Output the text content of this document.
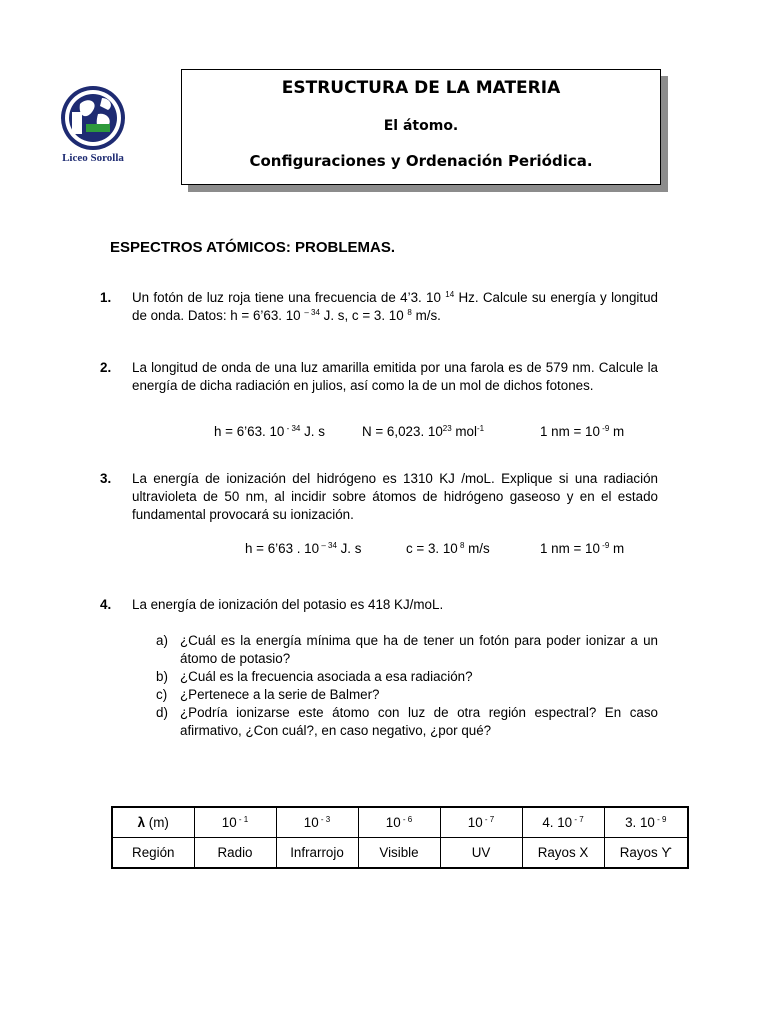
Liceo Sorolla
ESTRUCTURA DE LA MATERIA
El átomo.
Configuraciones y Ordenación Periódica.
ESPECTROS ATÓMICOS: PROBLEMAS.
1. Un fotón de luz roja tiene una frecuencia de 4’3. 10 $^{14}$ Hz. Calcule su energía y longitud de onda. Datos: h = 6’63. 10 $^{- 34}$ J. s, c = 3. 10 $^8$ m/s.
2. La longitud de onda de una luz amarilla emitida por una farola es de 579 nm. Calcule la energía de dicha radiación en julios, así como la de un mol de dichos fotones.
h = 6’63. 10 $^{- 34}$ J. s	N = 6,023. $10^{23}$ mol$^{-1}$	1 nm = 10 $^{-9}$ m
3. La energía de ionización del hidrógeno es 1310 KJ /moL. Explique si una radiación ultravioleta de 50 nm, al incidir sobre átomos de hidrógeno gaseoso y en el estado fundamental provocará su ionización.
h = 6’63 . 10 $^{- 34}$ J. s	c = 3. 10 $^8$ m/s	1 nm = 10 $^{-9}$ m
4. La energía de ionización del potasio es 418 KJ/moL.
a) ¿Cuál es la energía mínima que ha de tener un fotón para poder ionizar a un átomo de potasio?
b) ¿Cuál es la frecuencia asociada a esa radiación?
c) ¿Pertenece a la serie de Balmer?
d) ¿Podría ionizarse este átomo con luz de otra región espectral? En caso afirmativo, ¿Con cuál?, en caso negativo, ¿por qué?
λ (m)	10 $^{- 1}$	10 $^{- 3}$	10 $^{- 6}$	10 $^{- 7}$	4. 10 $^{- 7}$	3. 10 $^{- 9}$
Región	Radio	Infrarrojo	Visible	UV	Rayos X	Rayos ϒ
